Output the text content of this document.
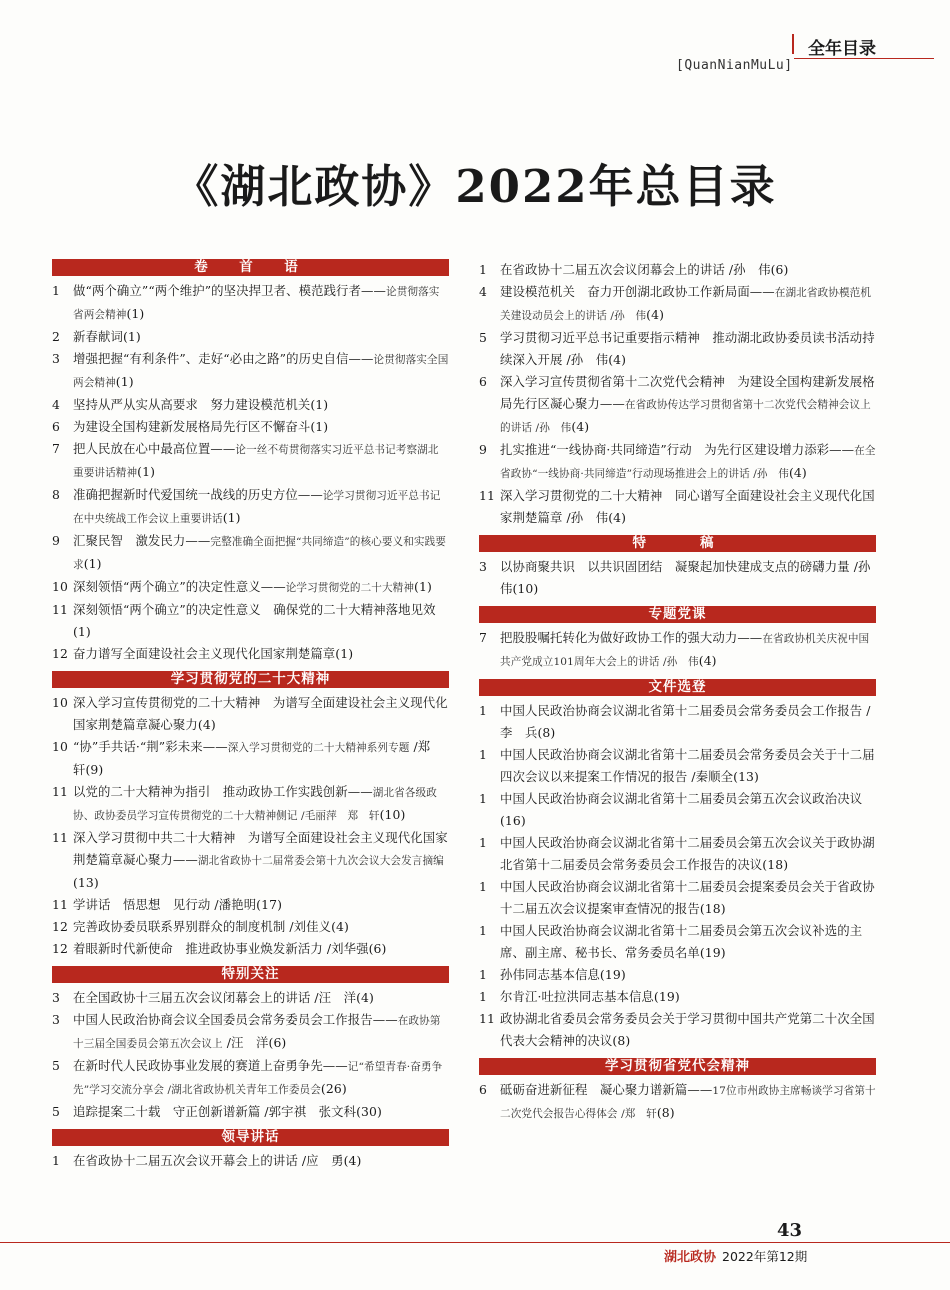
全年目录
[QuanNianMuLu]
《湖北政协》2022年总目录
卷　首　语
1	做“两个确立”“两个维护”的坚决捍卫者、模范践行者——论贯彻落实省两会精神(1)
2	新春献词(1)
3	增强把握“有利条件”、走好“必由之路”的历史自信——论贯彻落实全国两会精神(1)
4	坚持从严从实从高要求　努力建设模范机关(1)
6	为建设全国构建新发展格局先行区不懈奋斗(1)
7	把人民放在心中最高位置——论一丝不苟贯彻落实习近平总书记考察湖北重要讲话精神(1)
8	准确把握新时代爱国统一战线的历史方位——论学习贯彻习近平总书记在中央统战工作会议上重要讲话(1)
9	汇聚民智　激发民力——完整准确全面把握“共同缔造”的核心要义和实践要求(1)
10 深刻领悟“两个确立”的决定性意义——论学习贯彻党的二十大精神(1)
11 深刻领悟“两个确立”的决定性意义　确保党的二十大精神落地见效(1)
12 奋力谱写全面建设社会主义现代化国家荆楚篇章(1)
学习贯彻党的二十大精神
10 深入学习宣传贯彻党的二十大精神　为谱写全面建设社会主义现代化国家荆楚篇章凝心聚力(4)
10 “协”手共话·“荆”彩未来——深入学习贯彻党的二十大精神系列专题 /郑　轩(9)
11 以党的二十大精神为指引　推动政协工作实践创新——湖北省各级政协、政协委员学习宣传贯彻党的二十大精神侧记 /毛丽萍　郑　轩(10)
11 深入学习贯彻中共二十大精神　为谱写全面建设社会主义现代化国家荆楚篇章凝心聚力——湖北省政协十二届常委会第十九次会议大会发言摘编(13)
11 学讲话　悟思想　见行动 /潘艳明(17)
12 完善政协委员联系界别群众的制度机制 /刘佳义(4)
12 着眼新时代新使命　推进政协事业焕发新活力 /刘华强(6)
特别关注
3	在全国政协十三届五次会议闭幕会上的讲话 /汪　洋(4)
3	中国人民政治协商会议全国委员会常务委员会工作报告——在政协第十三届全国委员会第五次会议上 /汪　洋(6)
5	在新时代人民政协事业发展的赛道上奋勇争先——记“希望青春·奋勇争先”学习交流分享会 /湖北省政协机关青年工作委员会(26)
5	追踪提案二十载　守正创新谱新篇 /郭宇祺　张文科(30)
领导讲话
1	在省政协十二届五次会议开幕会上的讲话 /应　勇(4)
1	在省政协十二届五次会议闭幕会上的讲话 /孙　伟(6)
4	建设模范机关　奋力开创湖北政协工作新局面——在湖北省政协模范机关建设动员会上的讲话 /孙　伟(4)
5	学习贯彻习近平总书记重要指示精神　推动湖北政协委员读书活动持续深入开展 /孙　伟(4)
6	深入学习宣传贯彻省第十二次党代会精神　为建设全国构建新发展格局先行区凝心聚力——在省政协传达学习贯彻省第十二次党代会精神会议上的讲话 /孙　伟(4)
9	扎实推进“一线协商·共同缔造”行动　为先行区建设增力添彩——在全省政协“一线协商·共同缔造”行动现场推进会上的讲话 /孙　伟(4)
11 深入学习贯彻党的二十大精神　同心谱写全面建设社会主义现代化国家荆楚篇章 /孙　伟(4)
特　　稿
3	以协商聚共识　以共识固团结　凝聚起加快建成支点的磅礴力量 /孙　伟(10)
专题党课
7	把股股嘱托转化为做好政协工作的强大动力——在省政协机关庆祝中国共产党成立101周年大会上的讲话 /孙　伟(4)
文件选登
1	中国人民政治协商会议湖北省第十二届委员会常务委员会工作报告 /李　兵(8)
1	中国人民政治协商会议湖北省第十二届委员会常务委员会关于十二届四次会议以来提案工作情况的报告 /秦顺全(13)
1	中国人民政治协商会议湖北省第十二届委员会第五次会议政治决议(16)
1	中国人民政治协商会议湖北省第十二届委员会第五次会议关于政协湖北省第十二届委员会常务委员会工作报告的决议(18)
1	中国人民政治协商会议湖北省第十二届委员会提案委员会关于省政协十二届五次会议提案审查情况的报告(18)
1	中国人民政治协商会议湖北省第十二届委员会第五次会议补选的主席、副主席、秘书长、常务委员名单(19)
1	孙伟同志基本信息(19)
1	尔肯江·吐拉洪同志基本信息(19)
11 政协湖北省委员会常务委员会关于学习贯彻中国共产党第二十次全国代表大会精神的决议(8)
学习贯彻省党代会精神
6	砥砺奋进新征程　凝心聚力谱新篇——17位市州政协主席畅谈学习省第十二次党代会报告心得体会 /郑　轩(8)
43
湖北政协 2022年第12期
